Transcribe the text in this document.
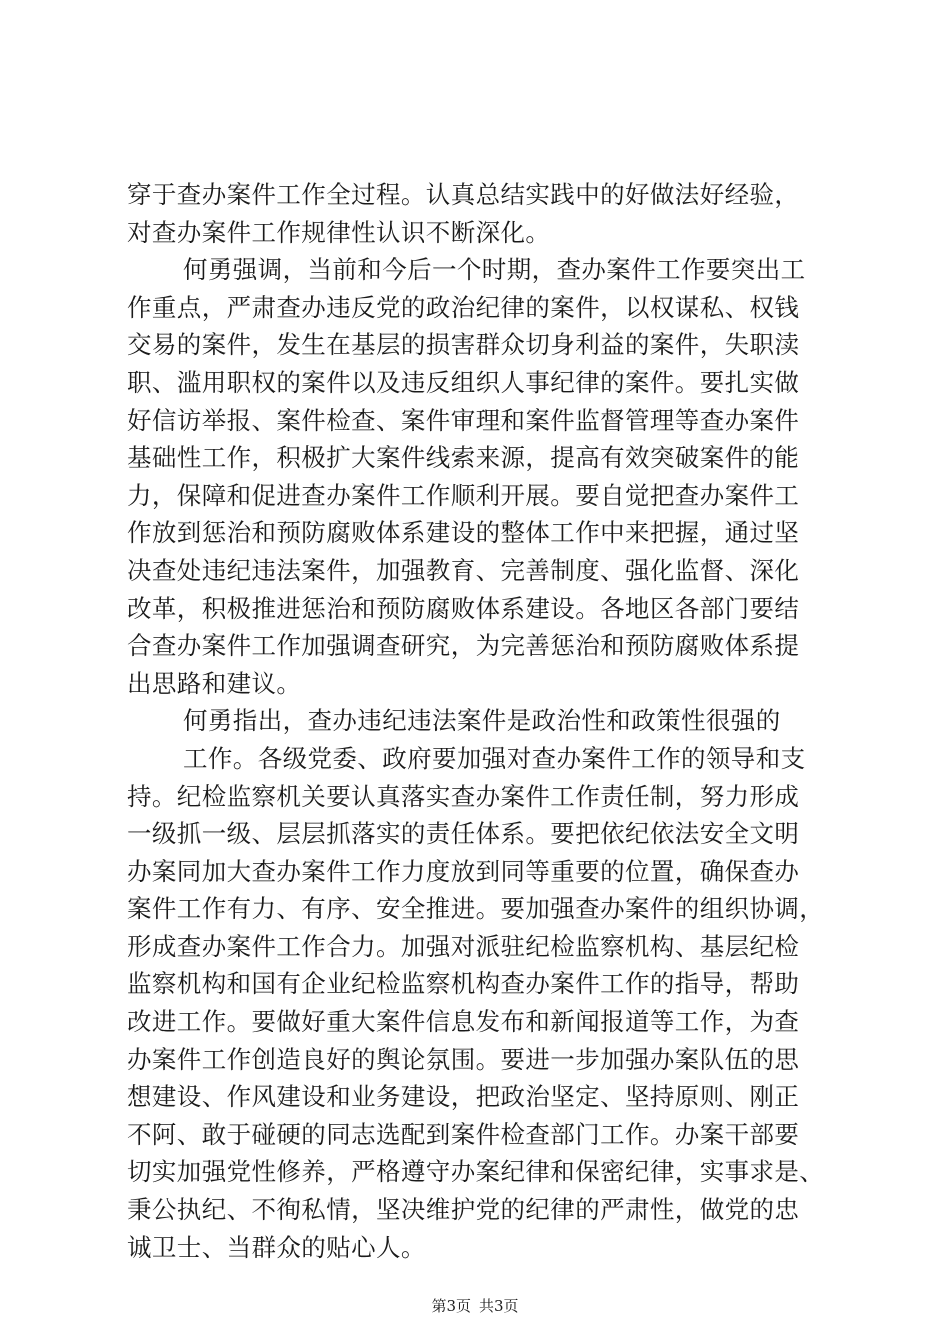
穿于查办案件工作全过程。认真总结实践中的好做法好经验，
对查办案件工作规律性认识不断深化。
何勇强调，当前和今后一个时期，查办案件工作要突出工
作重点，严肃查办违反党的政治纪律的案件，以权谋私、权钱
交易的案件，发生在基层的损害群众切身利益的案件，失职渎
职、滥用职权的案件以及违反组织人事纪律的案件。要扎实做
好信访举报、案件检查、案件审理和案件监督管理等查办案件
基础性工作，积极扩大案件线索来源，提高有效突破案件的能
力，保障和促进查办案件工作顺利开展。要自觉把查办案件工
作放到惩治和预防腐败体系建设的整体工作中来把握，通过坚
决查处违纪违法案件，加强教育、完善制度、强化监督、深化
改革，积极推进惩治和预防腐败体系建设。各地区各部门要结
合查办案件工作加强调查研究，为完善惩治和预防腐败体系提
出思路和建议。
何勇指出，查办违纪违法案件是政治性和政策性很强的
工作。各级党委、政府要加强对查办案件工作的领导和支
持。纪检监察机关要认真落实查办案件工作责任制，努力形成
一级抓一级、层层抓落实的责任体系。要把依纪依法安全文明
办案同加大查办案件工作力度放到同等重要的位置，确保查办
案件工作有力、有序、安全推进。要加强查办案件的组织协调，
形成查办案件工作合力。加强对派驻纪检监察机构、基层纪检
监察机构和国有企业纪检监察机构查办案件工作的指导，帮助
改进工作。要做好重大案件信息发布和新闻报道等工作，为查
办案件工作创造良好的舆论氛围。要进一步加强办案队伍的思
想建设、作风建设和业务建设，把政治坚定、坚持原则、刚正
不阿、敢于碰硬的同志选配到案件检查部门工作。办案干部要
切实加强党性修养，严格遵守办案纪律和保密纪律，实事求是、
秉公执纪、不徇私情，坚决维护党的纪律的严肃性，做党的忠
诚卫士、当群众的贴心人。
第3页 共3页
